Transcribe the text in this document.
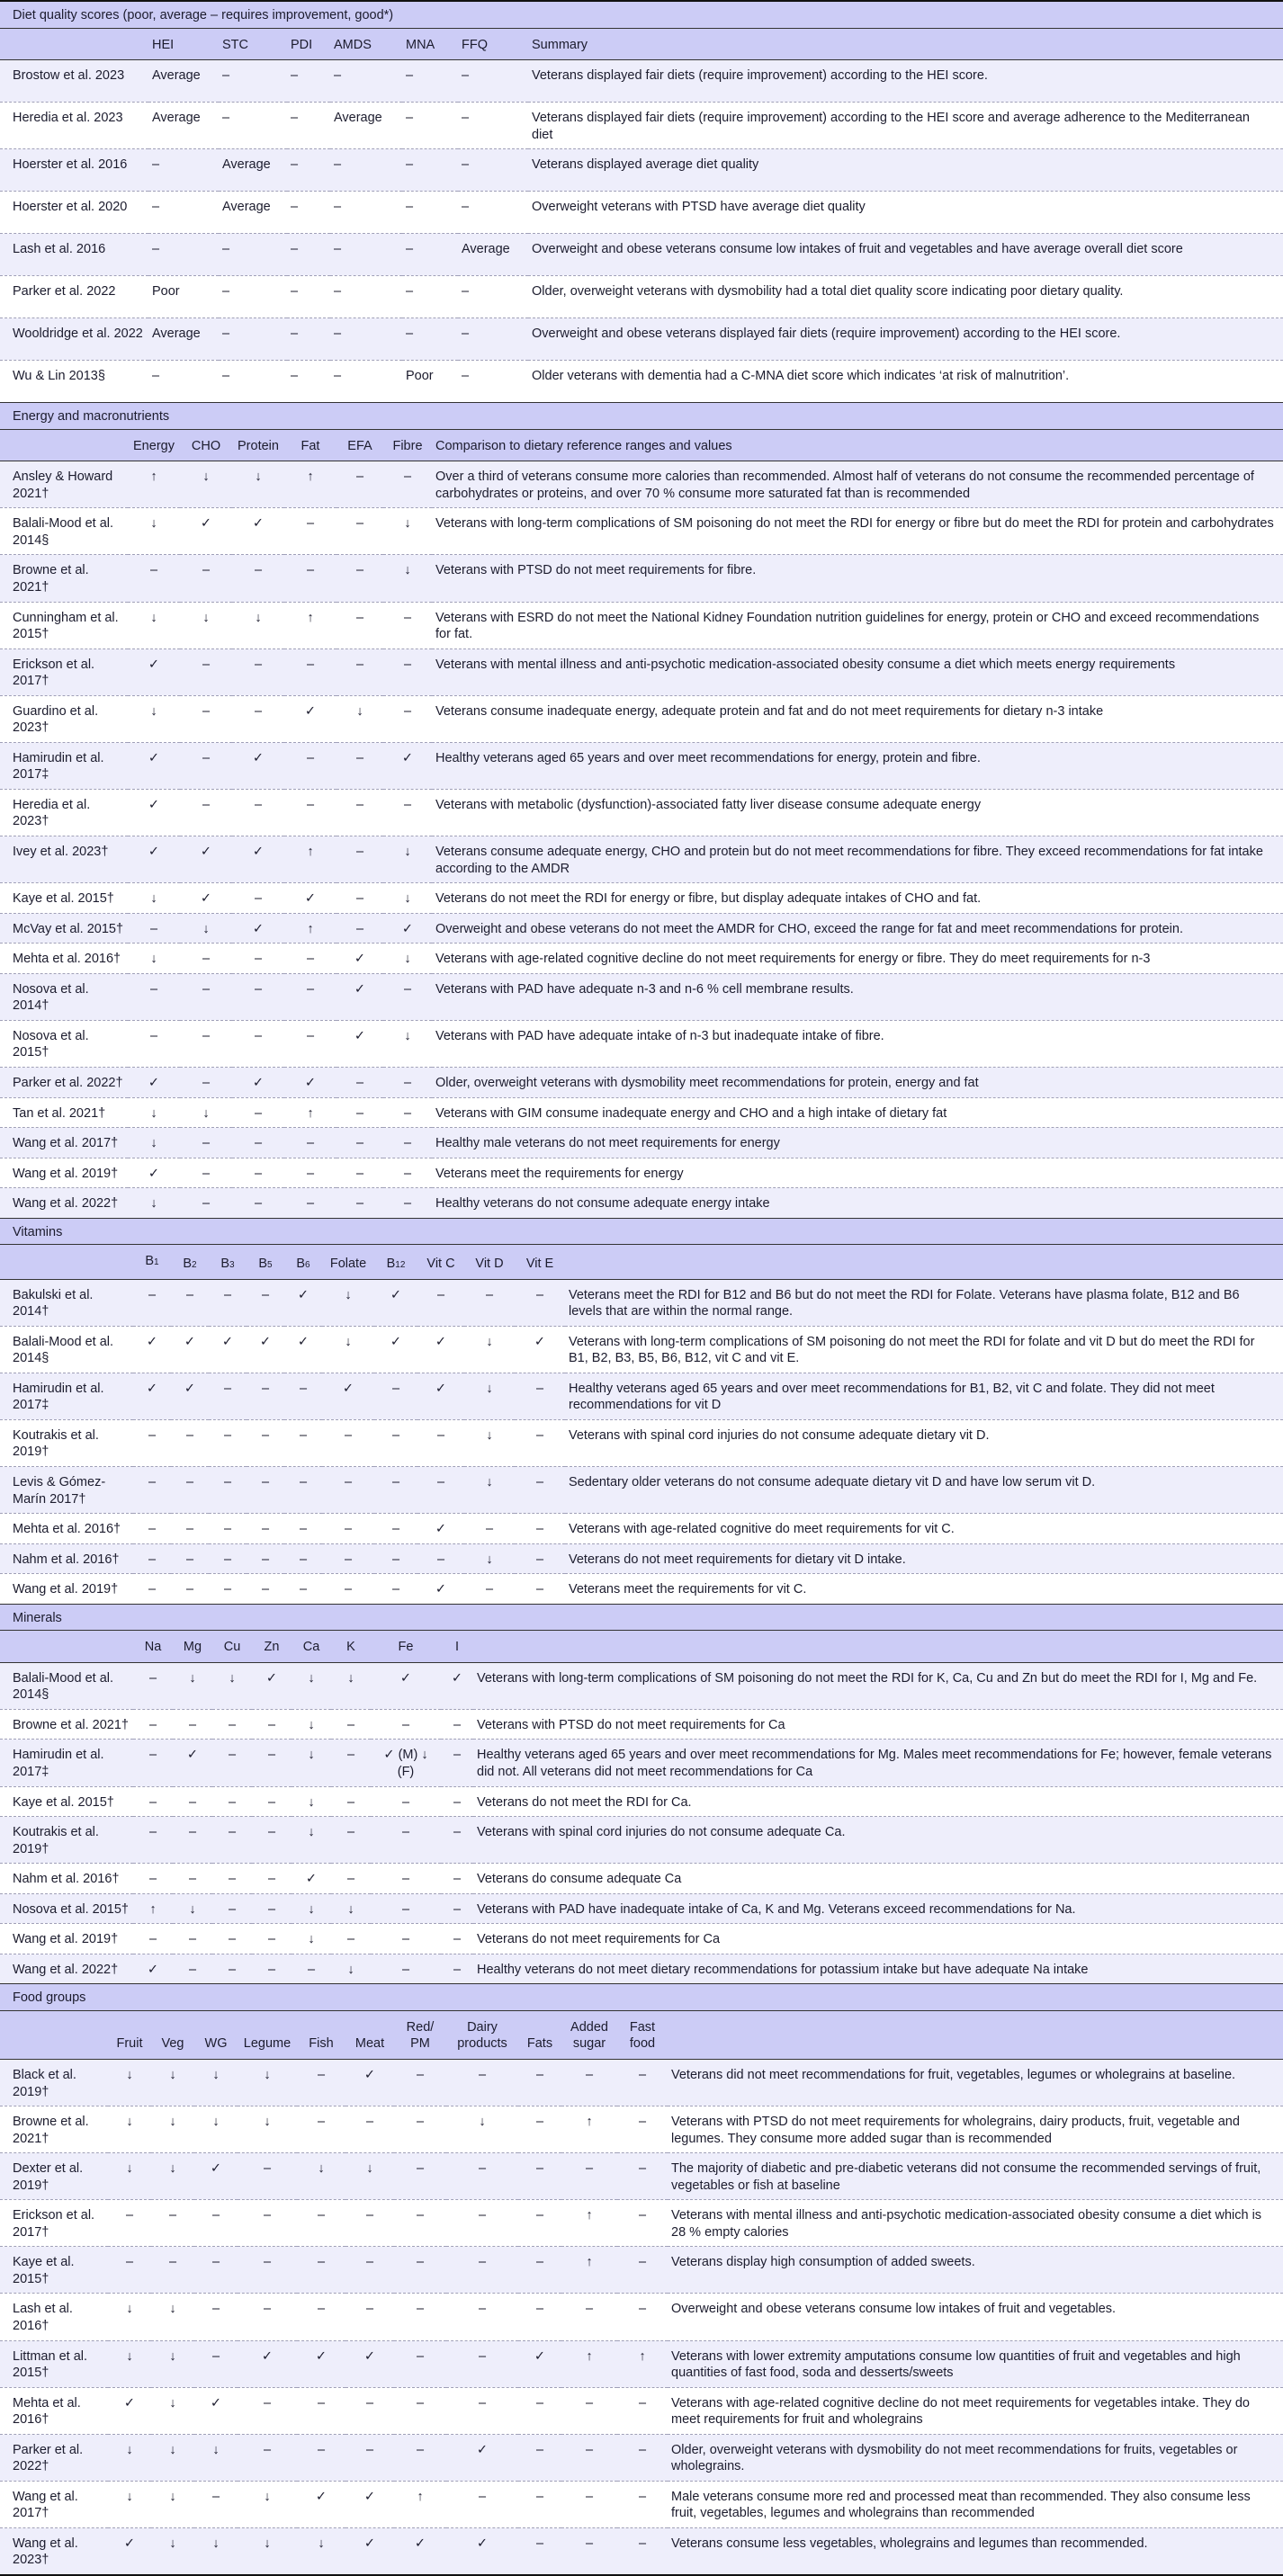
Diet quality scores (poor, average – requires improvement, good*)							
	HEI	STC	PDI	AMDS	MNA	FFQ	Summary
Brostow et al. 2023	Average	–	–	–	–	–	Veterans displayed fair diets (require improvement) according to the HEI score.
Heredia et al. 2023	Average	–	–	Average	–	–	Veterans displayed fair diets (require improvement) according to the HEI score and average adherence to the Mediterranean diet
Hoerster et al. 2016	–	Average	–	–	–	–	Veterans displayed average diet quality
Hoerster et al. 2020	–	Average	–	–	–	–	Overweight veterans with PTSD have average diet quality
Lash et al. 2016	–	–	–	–	–	Average	Overweight and obese veterans consume low intakes of fruit and vegetables and have average overall diet score
Parker et al. 2022	Poor	–	–	–	–	–	Older, overweight veterans with dysmobility had a total diet quality score indicating poor dietary quality.
Wooldridge et al. 2022	Average	–	–	–	–	–	Overweight and obese veterans displayed fair diets (require improvement) according to the HEI score.
Wu & Lin 2013§	–	–	–	–	Poor	–	Older veterans with dementia had a C-MNA diet score which indicates ‘at risk of malnutrition’.
Energy and macronutrients							
	Energy	CHO	Protein	Fat	EFA	Fibre	Comparison to dietary reference ranges and values
Ansley & Howard 2021†	↑	↓	↓	↑	–	–	Over a third of veterans consume more calories than recommended. Almost half of veterans do not consume the recommended percentage of carbohydrates or proteins, and over 70 % consume more saturated fat than is recommended
Balali-Mood et al. 2014§	↓	✓	✓	–	–	↓	Veterans with long-term complications of SM poisoning do not meet the RDI for energy or fibre but do meet the RDI for protein and carbohydrates
Browne et al. 2021†	–	–	–	–	–	↓	Veterans with PTSD do not meet requirements for fibre.
Cunningham et al. 2015†	↓	↓	↓	↑	–	–	Veterans with ESRD do not meet the National Kidney Foundation nutrition guidelines for energy, protein or CHO and exceed recommendations for fat.
Erickson et al. 2017†	✓	–	–	–	–	–	Veterans with mental illness and anti-psychotic medication-associated obesity consume a diet which meets energy requirements
Guardino et al. 2023†	↓	–	–	✓	↓	–	Veterans consume inadequate energy, adequate protein and fat and do not meet requirements for dietary n-3 intake
Hamirudin et al. 2017‡	✓	–	✓	–	–	✓	Healthy veterans aged 65 years and over meet recommendations for energy, protein and fibre.
Heredia et al. 2023†	✓	–	–	–	–	–	Veterans with metabolic (dysfunction)-associated fatty liver disease consume adequate energy
Ivey et al. 2023†	✓	✓	✓	↑	–	↓	Veterans consume adequate energy, CHO and protein but do not meet recommendations for fibre. They exceed recommendations for fat intake according to the AMDR
Kaye et al. 2015†	↓	✓	–	✓	–	↓	Veterans do not meet the RDI for energy or fibre, but display adequate intakes of CHO and fat.
McVay et al. 2015†	–	↓	✓	↑	–	✓	Overweight and obese veterans do not meet the AMDR for CHO, exceed the range for fat and meet recommendations for protein.
Mehta et al. 2016†	↓	–	–	–	✓	↓	Veterans with age-related cognitive decline do not meet requirements for energy or fibre. They do meet requirements for n-3
Nosova et al. 2014†	–	–	–	–	✓	–	Veterans with PAD have adequate n-3 and n-6 % cell membrane results.
Nosova et al. 2015†	–	–	–	–	✓	↓	Veterans with PAD have adequate intake of n-3 but inadequate intake of fibre.
Parker et al. 2022†	✓	–	✓	✓	–	–	Older, overweight veterans with dysmobility meet recommendations for protein, energy and fat
Tan et al. 2021†	↓	↓	–	↑	–	–	Veterans with GIM consume inadequate energy and CHO and a high intake of dietary fat
Wang et al. 2017†	↓	–	–	–	–	–	Healthy male veterans do not meet requirements for energy
Wang et al. 2019†	✓	–	–	–	–	–	Veterans meet the requirements for energy
Wang et al. 2022†	↓	–	–	–	–	–	Healthy veterans do not consume adequate energy intake
Vitamins											
	B1	B2	B3	B5	B6	Folate	B12	Vit C	Vit D	Vit E	
Bakulski et al. 2014†	–	–	–	–	✓	↓	✓	–	–	–	Veterans meet the RDI for B12 and B6 but do not meet the RDI for Folate. Veterans have plasma folate, B12 and B6 levels that are within the normal range.
Balali-Mood et al. 2014§	✓	✓	✓	✓	✓	↓	✓	✓	↓	✓	Veterans with long-term complications of SM poisoning do not meet the RDI for folate and vit D but do meet the RDI for B1, B2, B3, B5, B6, B12, vit C and vit E.
Hamirudin et al. 2017‡	✓	✓	–	–	–	✓	–	✓	↓	–	Healthy veterans aged 65 years and over meet recommendations for B1, B2, vit C and folate. They did not meet recommendations for vit D
Koutrakis et al. 2019†	–	–	–	–	–	–	–	–	↓	–	Veterans with spinal cord injuries do not consume adequate dietary vit D.
Levis & Gómez-Marín 2017†	–	–	–	–	–	–	–	–	↓	–	Sedentary older veterans do not consume adequate dietary vit D and have low serum vit D.
Mehta et al. 2016†	–	–	–	–	–	–	–	✓	–	–	Veterans with age-related cognitive do meet requirements for vit C.
Nahm et al. 2016†	–	–	–	–	–	–	–	–	↓	–	Veterans do not meet requirements for dietary vit D intake.
Wang et al. 2019†	–	–	–	–	–	–	–	✓	–	–	Veterans meet the requirements for vit C.
Minerals									
	Na	Mg	Cu	Zn	Ca	K	Fe	I	
Balali-Mood et al. 2014§	–	↓	↓	✓	↓	↓	✓	✓	Veterans with long-term complications of SM poisoning do not meet the RDI for K, Ca, Cu and Zn but do meet the RDI for I, Mg and Fe.
Browne et al. 2021†	–	–	–	–	↓	–	–	–	Veterans with PTSD do not meet requirements for Ca
Hamirudin et al. 2017‡	–	✓	–	–	↓	–	✓ (M) ↓ (F)	–	Healthy veterans aged 65 years and over meet recommendations for Mg. Males meet recommendations for Fe; however, female veterans did not. All veterans did not meet recommendations for Ca
Kaye et al. 2015†	–	–	–	–	↓	–	–	–	Veterans do not meet the RDI for Ca.
Koutrakis et al. 2019†	–	–	–	–	↓	–	–	–	Veterans with spinal cord injuries do not consume adequate Ca.
Nahm et al. 2016†	–	–	–	–	✓	–	–	–	Veterans do consume adequate Ca
Nosova et al. 2015†	↑	↓	–	–	↓	↓	–	–	Veterans with PAD have inadequate intake of Ca, K and Mg. Veterans exceed recommendations for Na.
Wang et al. 2019†	–	–	–	–	↓	–	–	–	Veterans do not meet requirements for Ca
Wang et al. 2022†	✓	–	–	–	–	↓	–	–	Healthy veterans do not meet dietary recommendations for potassium intake but have adequate Na intake
Food groups												
	Fruit	Veg	WG	Legume	Fish	Meat	Red/ PM	Dairy products	Fats	Added sugar	Fast food	
Black et al. 2019†	↓	↓	↓	↓	–	✓	–	–	–	–	–	Veterans did not meet recommendations for fruit, vegetables, legumes or wholegrains at baseline.
Browne et al. 2021†	↓	↓	↓	↓	–	–	–	↓	–	↑	–	Veterans with PTSD do not meet requirements for wholegrains, dairy products, fruit, vegetable and legumes. They consume more added sugar than is recommended
Dexter et al. 2019†	↓	↓	✓	–	↓	↓	–	–	–	–	–	The majority of diabetic and pre-diabetic veterans did not consume the recommended servings of fruit, vegetables or fish at baseline
Erickson et al. 2017†	–	–	–	–	–	–	–	–	–	↑	–	Veterans with mental illness and anti-psychotic medication-associated obesity consume a diet which is 28 % empty calories
Kaye et al. 2015†	–	–	–	–	–	–	–	–	–	↑	–	Veterans display high consumption of added sweets.
Lash et al. 2016†	↓	↓	–	–	–	–	–	–	–	–	–	Overweight and obese veterans consume low intakes of fruit and vegetables.
Littman et al. 2015†	↓	↓	–	✓	✓	✓	–	–	✓	↑	↑	Veterans with lower extremity amputations consume low quantities of fruit and vegetables and high quantities of fast food, soda and desserts/sweets
Mehta et al. 2016†	✓	↓	✓	–	–	–	–	–	–	–	–	Veterans with age-related cognitive decline do not meet requirements for vegetables intake. They do meet requirements for fruit and wholegrains
Parker et al. 2022†	↓	↓	↓	–	–	–	–	✓	–	–	–	Older, overweight veterans with dysmobility do not meet recommendations for fruits, vegetables or wholegrains.
Wang et al. 2017†	↓	↓	–	↓	✓	✓	↑	–	–	–	–	Male veterans consume more red and processed meat than recommended. They also consume less fruit, vegetables, legumes and wholegrains than recommended
Wang et al. 2023†	✓	↓	↓	↓	↓	✓	✓	✓	–	–	–	Veterans consume less vegetables, wholegrains and legumes than recommended.
